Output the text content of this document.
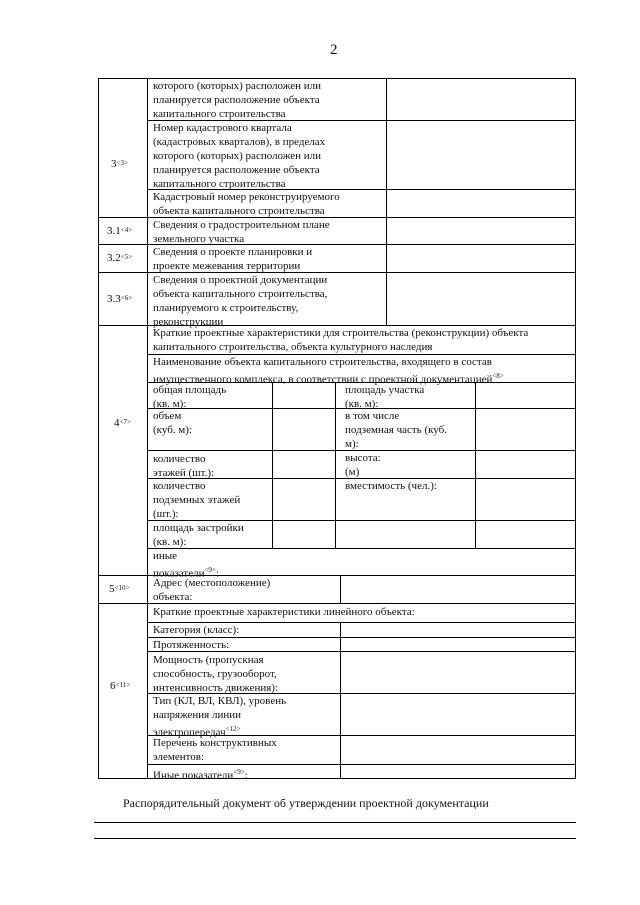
2
которого (которых) расположен или
планируется расположение объекта
капитального строительства
Номер кадастрового квартала
(кадастровых кварталов), в пределах
которого (которых) расположен или
планируется расположение объекта
капитального строительства
Кадастровый номер реконструируемого
объекта капитального строительства
$3^{<3>}$
$3.1^{<4>}$ Сведения о градостроительном плане
земельного участка
$3.2^{<5>}$ Сведения о проекте планировки и
проекте межевания территории
$3.3^{<6>}$
Сведения о проектной документации
объекта капитального строительства,
планируемого к строительству,
реконструкции
$4^{<7>}$
Краткие проектные характеристики для строительства (реконструкции) объекта
капитального строительства, объекта культурного наследия
Наименование объекта капитального строительства, входящего в состав
имущественного комплекса, в соответствии с проектной документацией$^{<8>}$
общая площадь
(кв. м):
площадь участка
(кв. м):
объем
(куб. м):
в том числе
подземная часть (куб.
м):
количество
этажей (шт.):
высота:
(м)
количество
подземных этажей
(шт.):
вместимость (чел.):
площадь застройки
(кв. м):
иные
показатели$^{<9>}$:
$5^{<10>}$ Адрес (местоположение)
объекта:
$6^{<11>}$
Краткие проектные характеристики линейного объекта:
Категория (класс):
Протяженность:
Мощность (пропускная
способность, грузооборот,
интенсивность движения):
Тип (КЛ, ВЛ, КВЛ), уровень
напряжения линии
электропередач$^{<12>}$
Перечень конструктивных
элементов:
Иные показатели$^{<9>}$:
Распорядительный документ об утверждении проектной документации
